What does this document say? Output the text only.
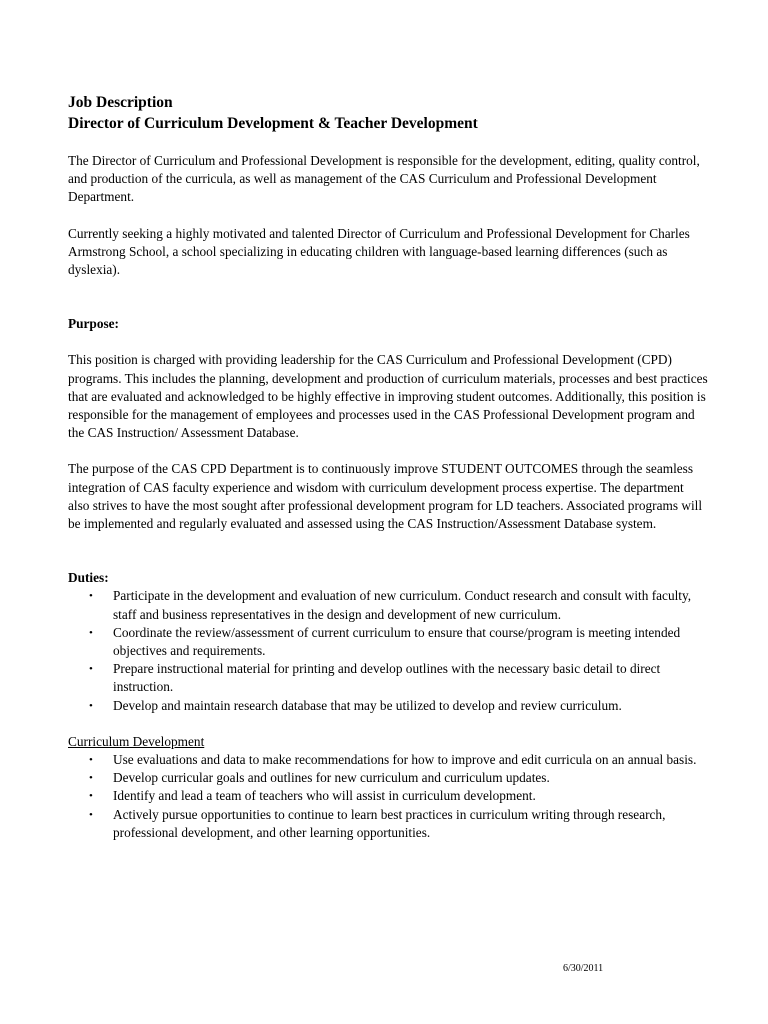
Job Description

Director of Curriculum Development & Teacher Development

The Director of Curriculum and Professional Development is responsible for the development, editing, quality control, and production of the curricula, as well as management of the CAS Curriculum and Professional Development Department.

Currently seeking a highly motivated and talented Director of Curriculum and Professional Development for Charles Armstrong School, a school specializing in educating children with language-based learning differences (such as dyslexia).

Purpose:

This position is charged with providing leadership for the CAS Curriculum and Professional Development (CPD) programs. This includes the planning, development and production of curriculum materials, processes and best practices that are evaluated and acknowledged to be highly effective in improving student outcomes. Additionally, this position is responsible for the management of employees and processes used in the CAS Professional Development program and the CAS Instruction/ Assessment Database.

The purpose of the CAS CPD Department is to continuously improve STUDENT OUTCOMES through the seamless integration of CAS faculty experience and wisdom with curriculum development process expertise. The department also strives to have the most sought after professional development program for LD teachers. Associated programs will be implemented and regularly evaluated and assessed using the CAS Instruction/Assessment Database system.

Duties:

• Participate in the development and evaluation of new curriculum. Conduct research and consult with faculty, staff and business representatives in the design and development of new curriculum.
• Coordinate the review/assessment of current curriculum to ensure that course/program is meeting intended objectives and requirements.
• Prepare instructional material for printing and develop outlines with the necessary basic detail to direct instruction.
• Develop and maintain research database that may be utilized to develop and review curriculum.

Curriculum Development

• Use evaluations and data to make recommendations for how to improve and edit curricula on an annual basis.
• Develop curricular goals and outlines for new curriculum and curriculum updates.
• Identify and lead a team of teachers who will assist in curriculum development.
• Actively pursue opportunities to continue to learn best practices in curriculum writing through research, professional development, and other learning opportunities.
6/30/2011
